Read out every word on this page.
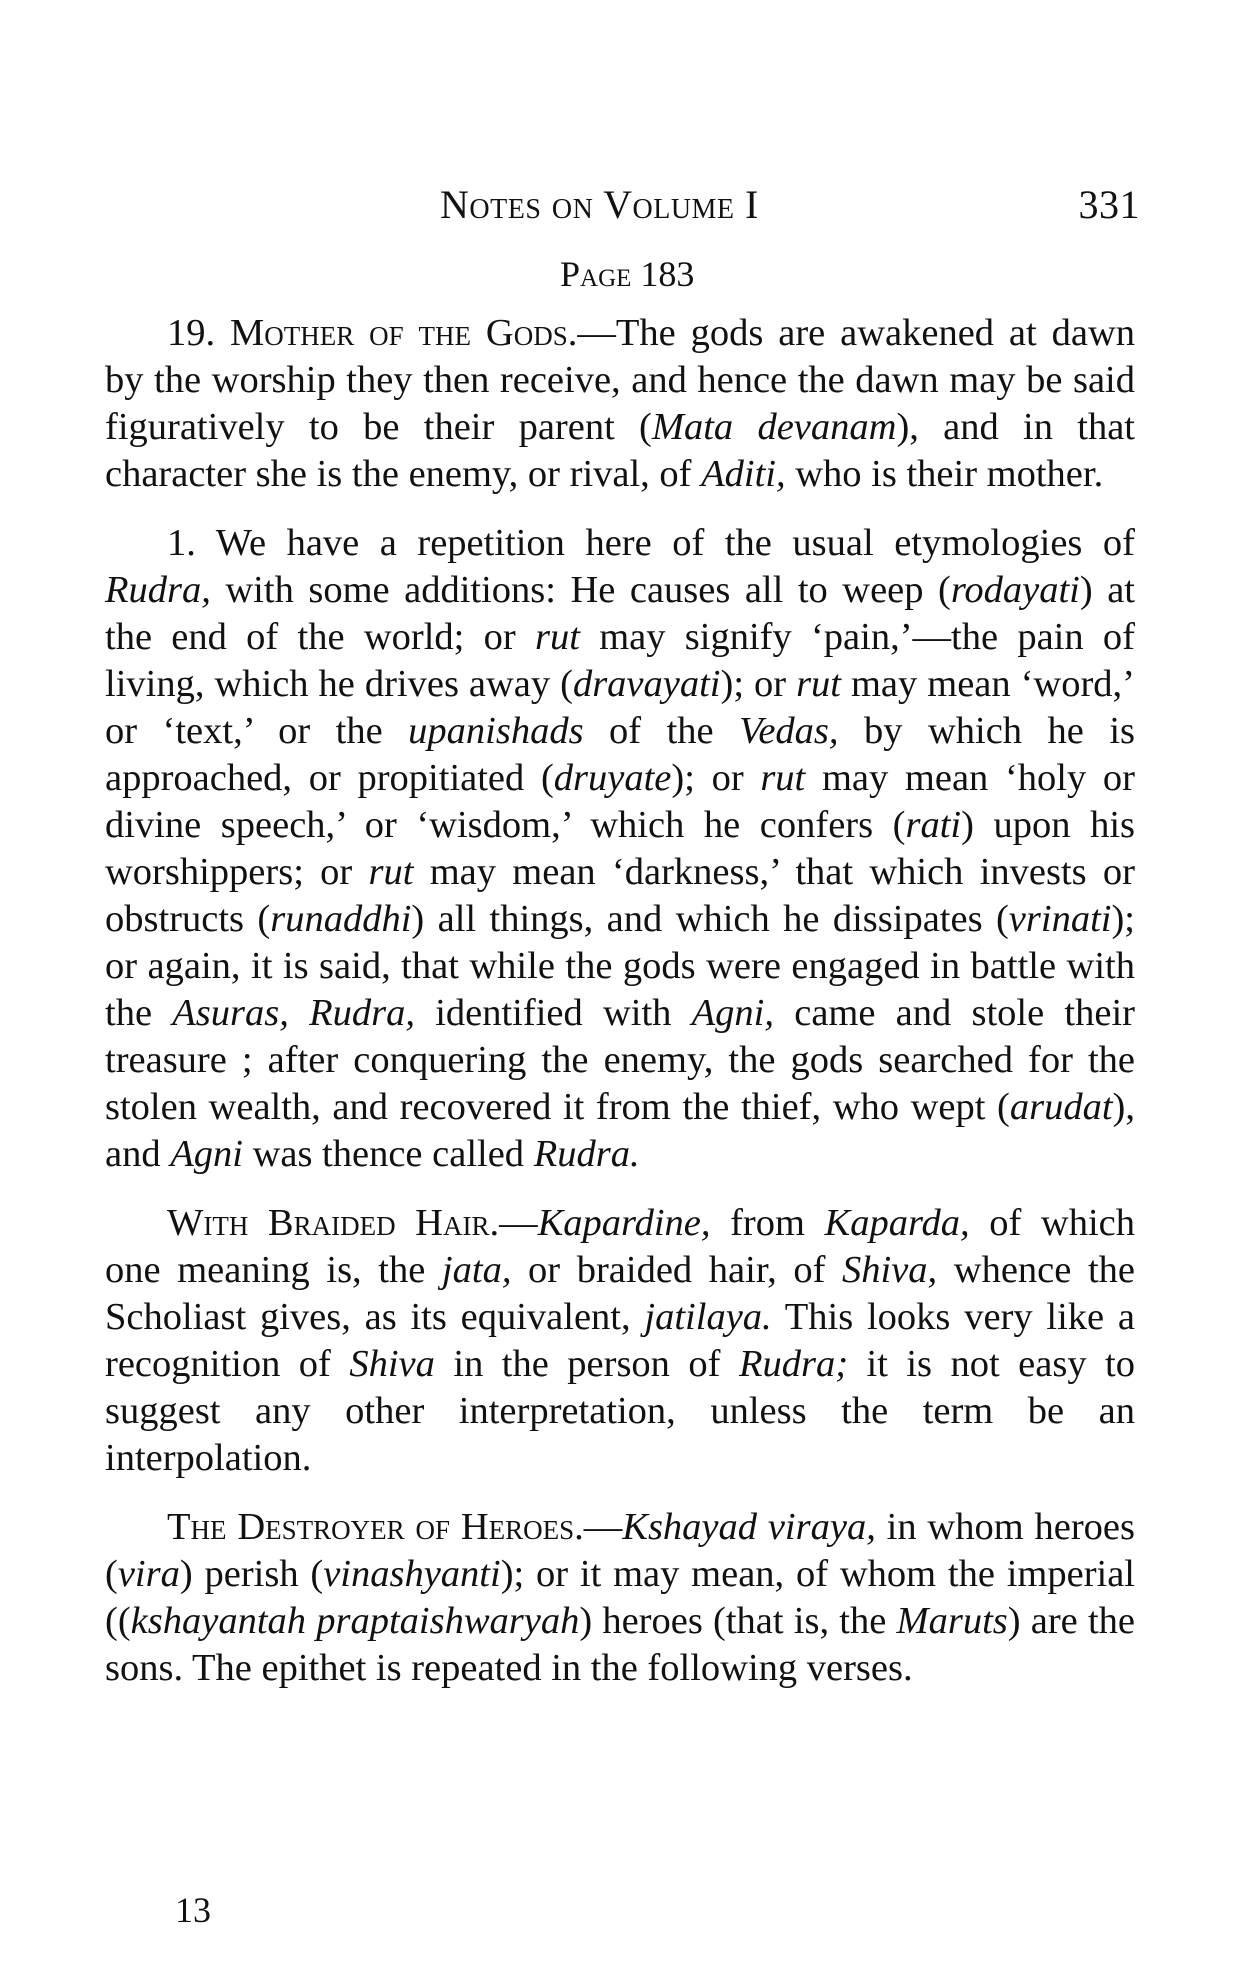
Notes on Volume I	331
Page 183

19. Mother of the Gods.—The gods are awakened at dawn by the worship they then receive, and hence the dawn may be said figuratively to be their parent (Mata devanam), and in that character she is the enemy, or rival, of Aditi, who is their mother.

1. We have a repetition here of the usual etymologies of Rudra, with some additions: He causes all to weep (rodayati) at the end of the world; or rut may signify ‘pain,’—the pain of living, which he drives away (dravayati); or rut may mean ‘word,’ or ‘text,’ or the upanishads of the Vedas, by which he is approached, or propitiated (druyate); or rut may mean ‘holy or divine speech,’ or ‘wisdom,’ which he confers (rati) upon his worshippers; or rut may mean ‘darkness,’ that which invests or obstructs (runaddhi) all things, and which he dissipates (vrinati); or again, it is said, that while the gods were engaged in battle with the Asuras, Rudra, identified with Agni, came and stole their treasure ; after conquering the enemy, the gods searched for the stolen wealth, and recovered it from the thief, who wept (arudat), and Agni was thence called Rudra.

With Braided Hair.—Kapardine, from Kaparda, of which one meaning is, the jata, or braided hair, of Shiva, whence the Scholiast gives, as its equivalent, jatilaya. This looks very like a recognition of Shiva in the person of Rudra; it is not easy to suggest any other interpretation, unless the term be an interpolation.

The Destroyer of Heroes.—Kshayad viraya, in whom heroes (vira) perish (vinashyanti); or it may mean, of whom the imperial ((kshayantah praptaishwaryah) heroes (that is, the Maruts) are the sons. The epithet is repeated in the following verses.

13
